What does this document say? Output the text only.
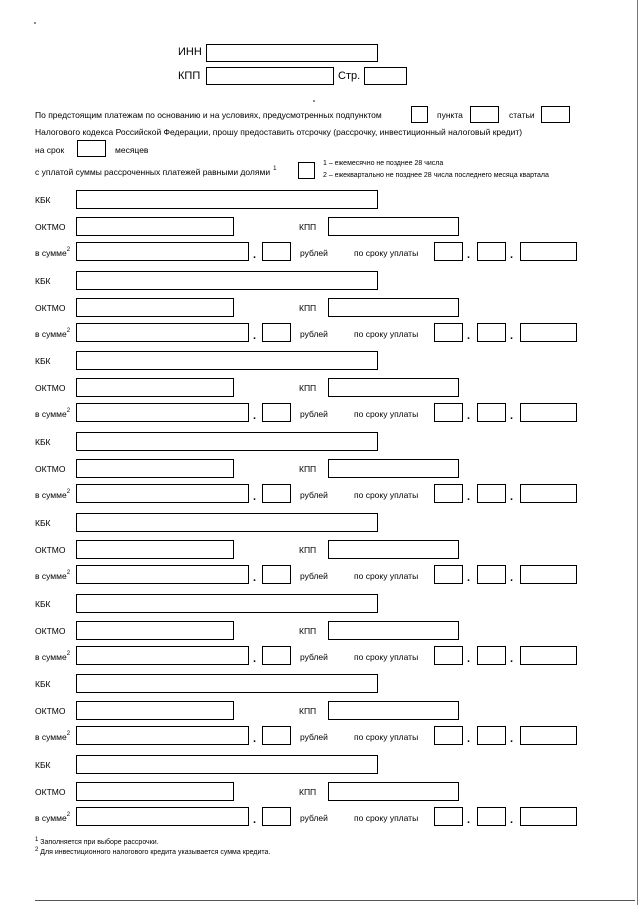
ИНН
КПП	Стр.
По предстоящим платежам по основанию и на условиях, предусмотренных подпунктом	пункта	статьи
Налогового кодекса Российской Федерации, прошу предоставить отсрочку (рассрочку, инвестиционный налоговый кредит)
на срок	месяцев
с уплатой суммы рассроченных платежей равными долями $^1$
1 – ежемесячно не позднее 28 числа
2 – ежеквартально не позднее 28 числа последнего месяца квартала
КБК
ОКТМО	КПП
в сумме$^2$	.	рублей	по сроку уплаты	.	.
КБК
ОКТМО	КПП
в сумме$^2$	.	рублей	по сроку уплаты	.	.
КБК
ОКТМО	КПП
в сумме$^2$	.	рублей	по сроку уплаты	.	.
КБК
ОКТМО	КПП
в сумме$^2$	.	рублей	по сроку уплаты	.	.
КБК
ОКТМО	КПП
в сумме$^2$	.	рублей	по сроку уплаты	.	.
КБК
ОКТМО	КПП
в сумме$^2$	.	рублей	по сроку уплаты	.	.
КБК
ОКТМО	КПП
в сумме$^2$	.	рублей	по сроку уплаты	.	.
КБК
ОКТМО	КПП
в сумме$^2$	.	рублей	по сроку уплаты	.	.
$^1$ Заполняется при выборе рассрочки.
$^2$ Для инвестиционного налогового кредита указывается сумма кредита.
